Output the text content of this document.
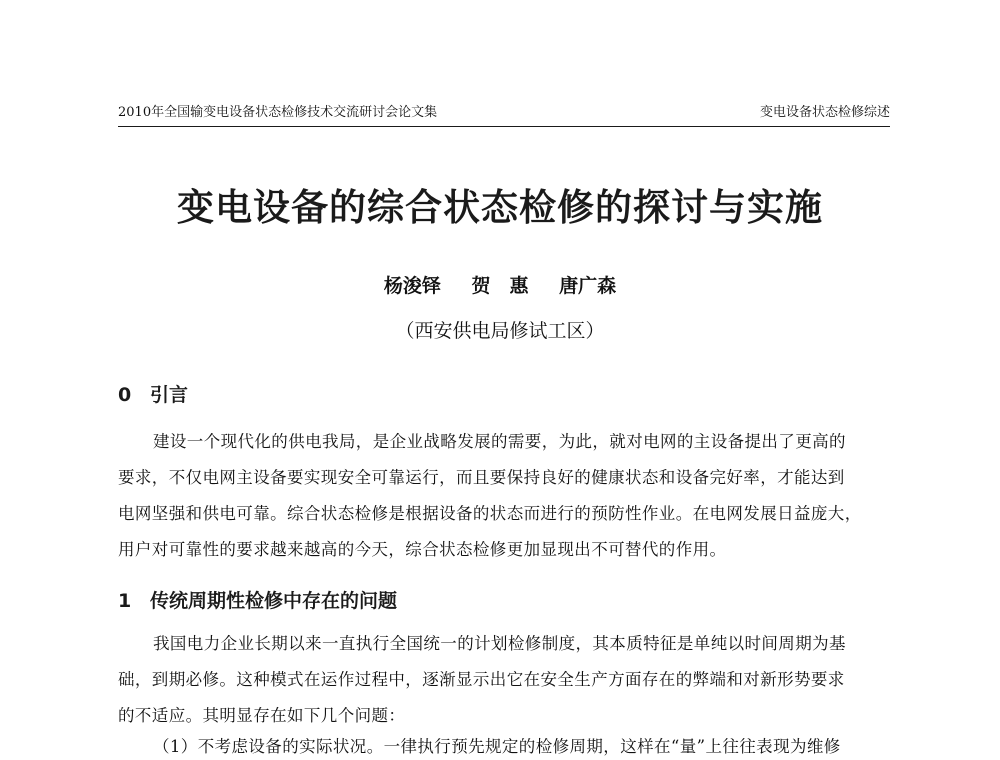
2010年全国输变电设备状态检修技术交流研讨会论文集	变电设备状态检修综述
变电设备的综合状态检修的探讨与实施
杨浚铎 贺　惠 唐广森
（西安供电局修试工区）
0 引言
建设一个现代化的供电我局，是企业战略发展的需要，为此，就对电网的主设备提出了更高的
要求，不仅电网主设备要实现安全可靠运行，而且要保持良好的健康状态和设备完好率，才能达到
电网坚强和供电可靠。综合状态检修是根据设备的状态而进行的预防性作业。在电网发展日益庞大，
用户对可靠性的要求越来越高的今天，综合状态检修更加显现出不可替代的作用。
1 传统周期性检修中存在的问题
我国电力企业长期以来一直执行全国统一的计划检修制度，其本质特征是单纯以时间周期为基
础，到期必修。这种模式在运作过程中，逐渐显示出它在安全生产方面存在的弊端和对新形势要求
的不适应。其明显存在如下几个问题：
（1）不考虑设备的实际状况。一律执行预先规定的检修周期，这样在“量”上往往表现为维修
